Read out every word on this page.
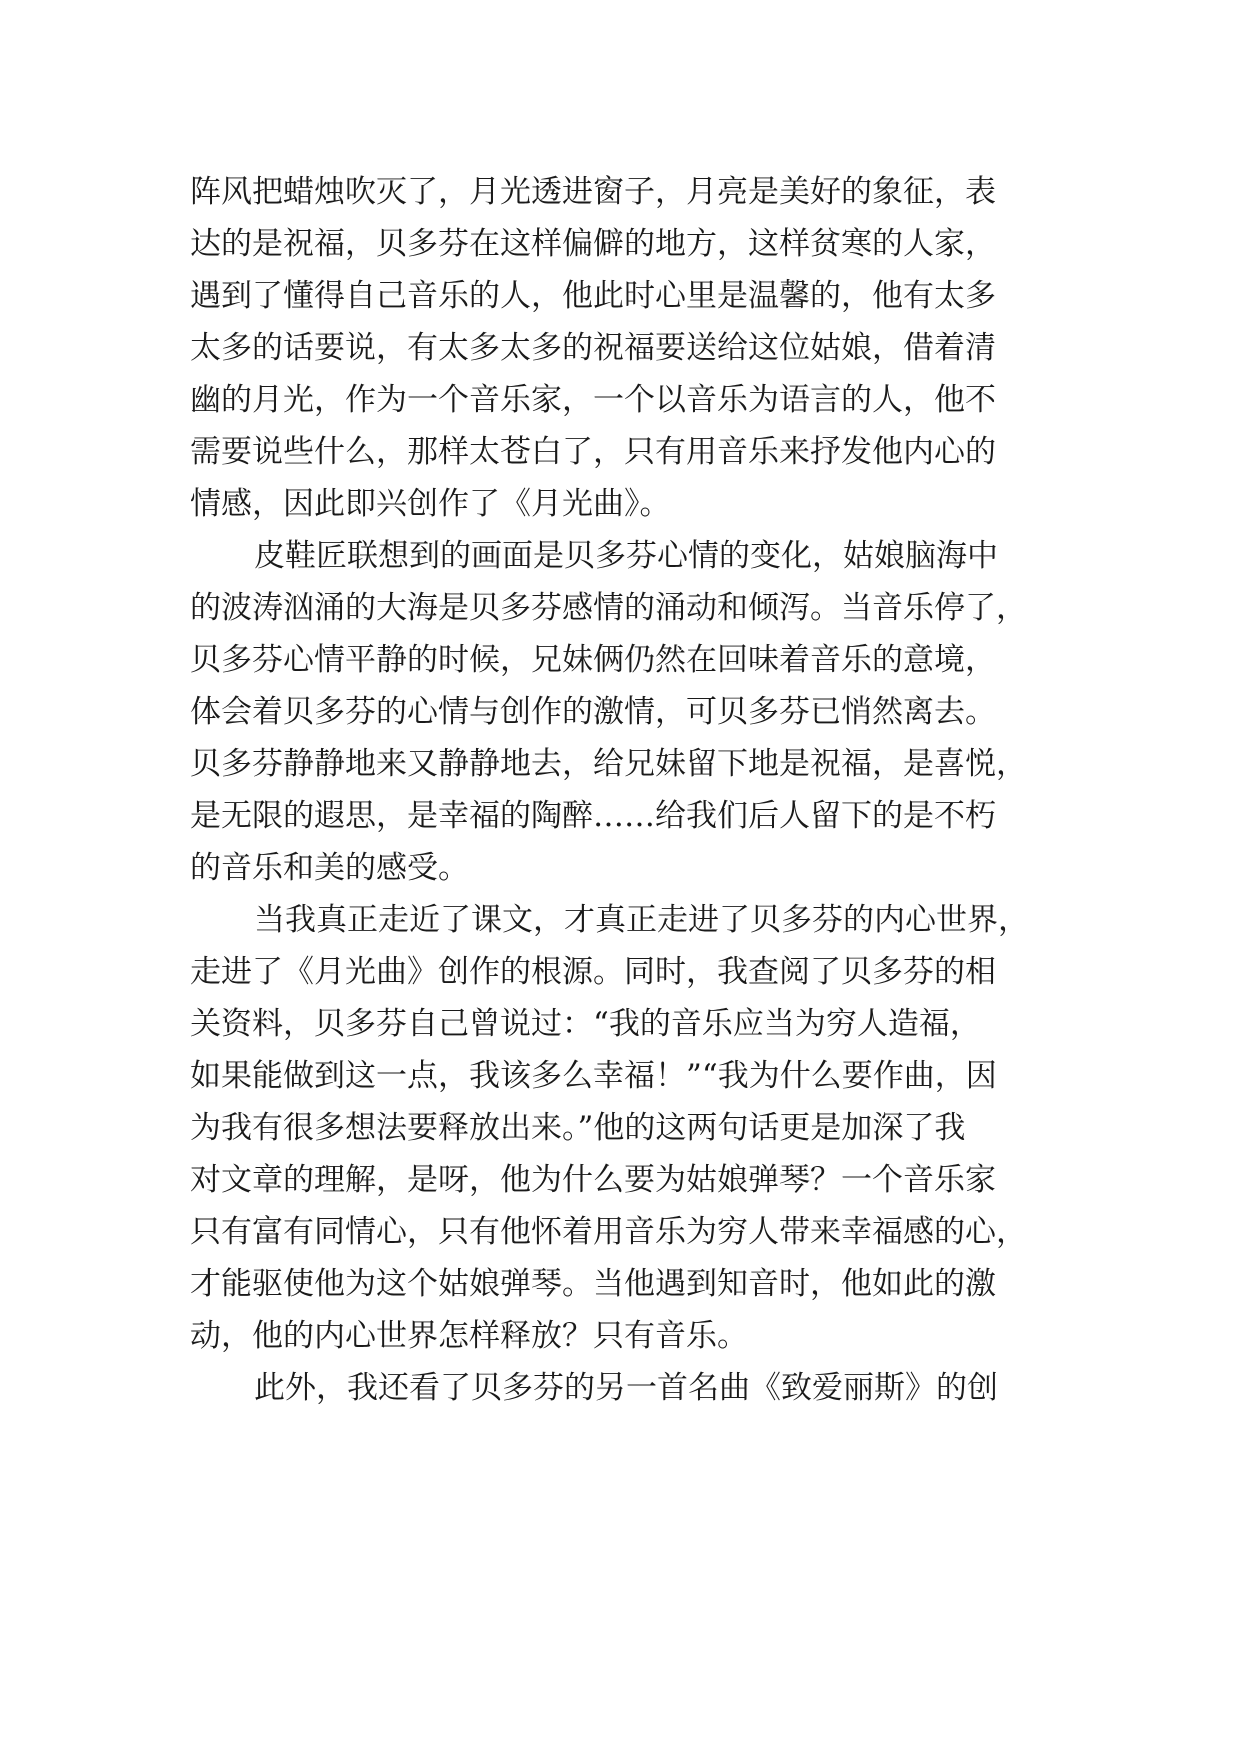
阵风把蜡烛吹灭了，月光透进窗子，月亮是美好的象征，表
达的是祝福，贝多芬在这样偏僻的地方，这样贫寒的人家，
遇到了懂得自己音乐的人，他此时心里是温馨的，他有太多
太多的话要说，有太多太多的祝福要送给这位姑娘，借着清
幽的月光，作为一个音乐家，一个以音乐为语言的人，他不
需要说些什么，那样太苍白了，只有用音乐来抒发他内心的
情感，因此即兴创作了《月光曲》。
皮鞋匠联想到的画面是贝多芬心情的变化，姑娘脑海中
的波涛汹涌的大海是贝多芬感情的涌动和倾泻。当音乐停了，
贝多芬心情平静的时候，兄妹俩仍然在回味着音乐的意境，
体会着贝多芬的心情与创作的激情，可贝多芬已悄然离去。
贝多芬静静地来又静静地去，给兄妹留下地是祝福，是喜悦，
是无限的遐思，是幸福的陶醉……给我们后人留下的是不朽
的音乐和美的感受。
当我真正走近了课文，才真正走进了贝多芬的内心世界，
走进了《月光曲》创作的根源。同时，我查阅了贝多芬的相
关资料，贝多芬自己曾说过：“我的音乐应当为穷人造福，
如果能做到这一点，我该多么幸福！”“我为什么要作曲，因
为我有很多想法要释放出来。”他的这两句话更是加深了我
对文章的理解，是呀，他为什么要为姑娘弹琴？一个音乐家
只有富有同情心，只有他怀着用音乐为穷人带来幸福感的心，
才能驱使他为这个姑娘弹琴。当他遇到知音时，他如此的激
动，他的内心世界怎样释放？只有音乐。
此外，我还看了贝多芬的另一首名曲《致爱丽斯》的创
